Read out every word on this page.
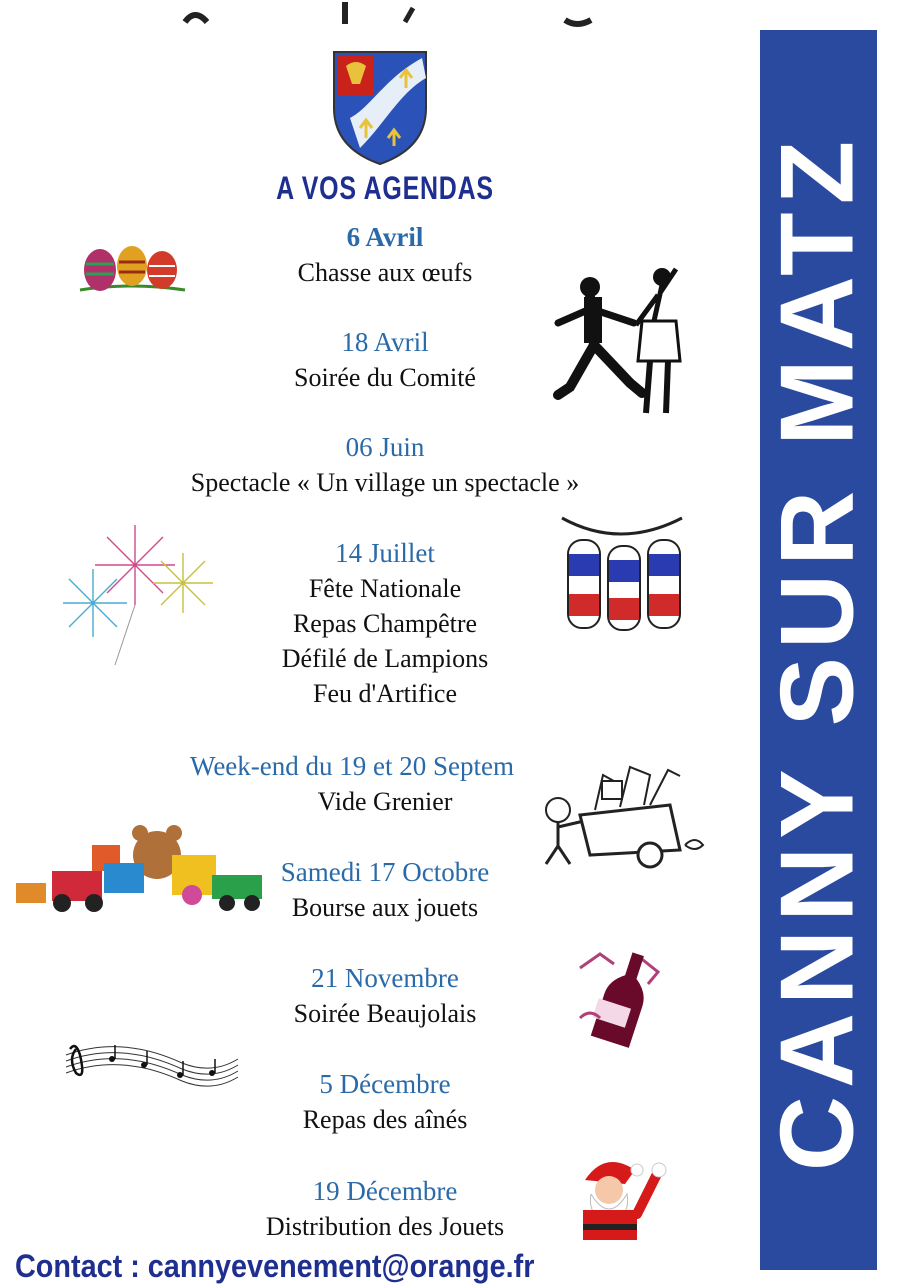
A VOS AGENDAS
6 Avril
Chasse aux œufs
18 Avril
Soirée du Comité
06 Juin
Spectacle « Un village un spectacle »
14 Juillet
Fête Nationale
Repas Champêtre
Défilé de Lampions
Feu d'Artifice
Week-end du 19 et 20 Septem
Vide Grenier
Samedi 17 Octobre
Bourse aux jouets
21 Novembre
Soirée Beaujolais
5 Décembre
Repas des aînés
19 Décembre
Distribution des Jouets
CANNY SUR MATZ
Contact : cannyevenement@orange.fr
